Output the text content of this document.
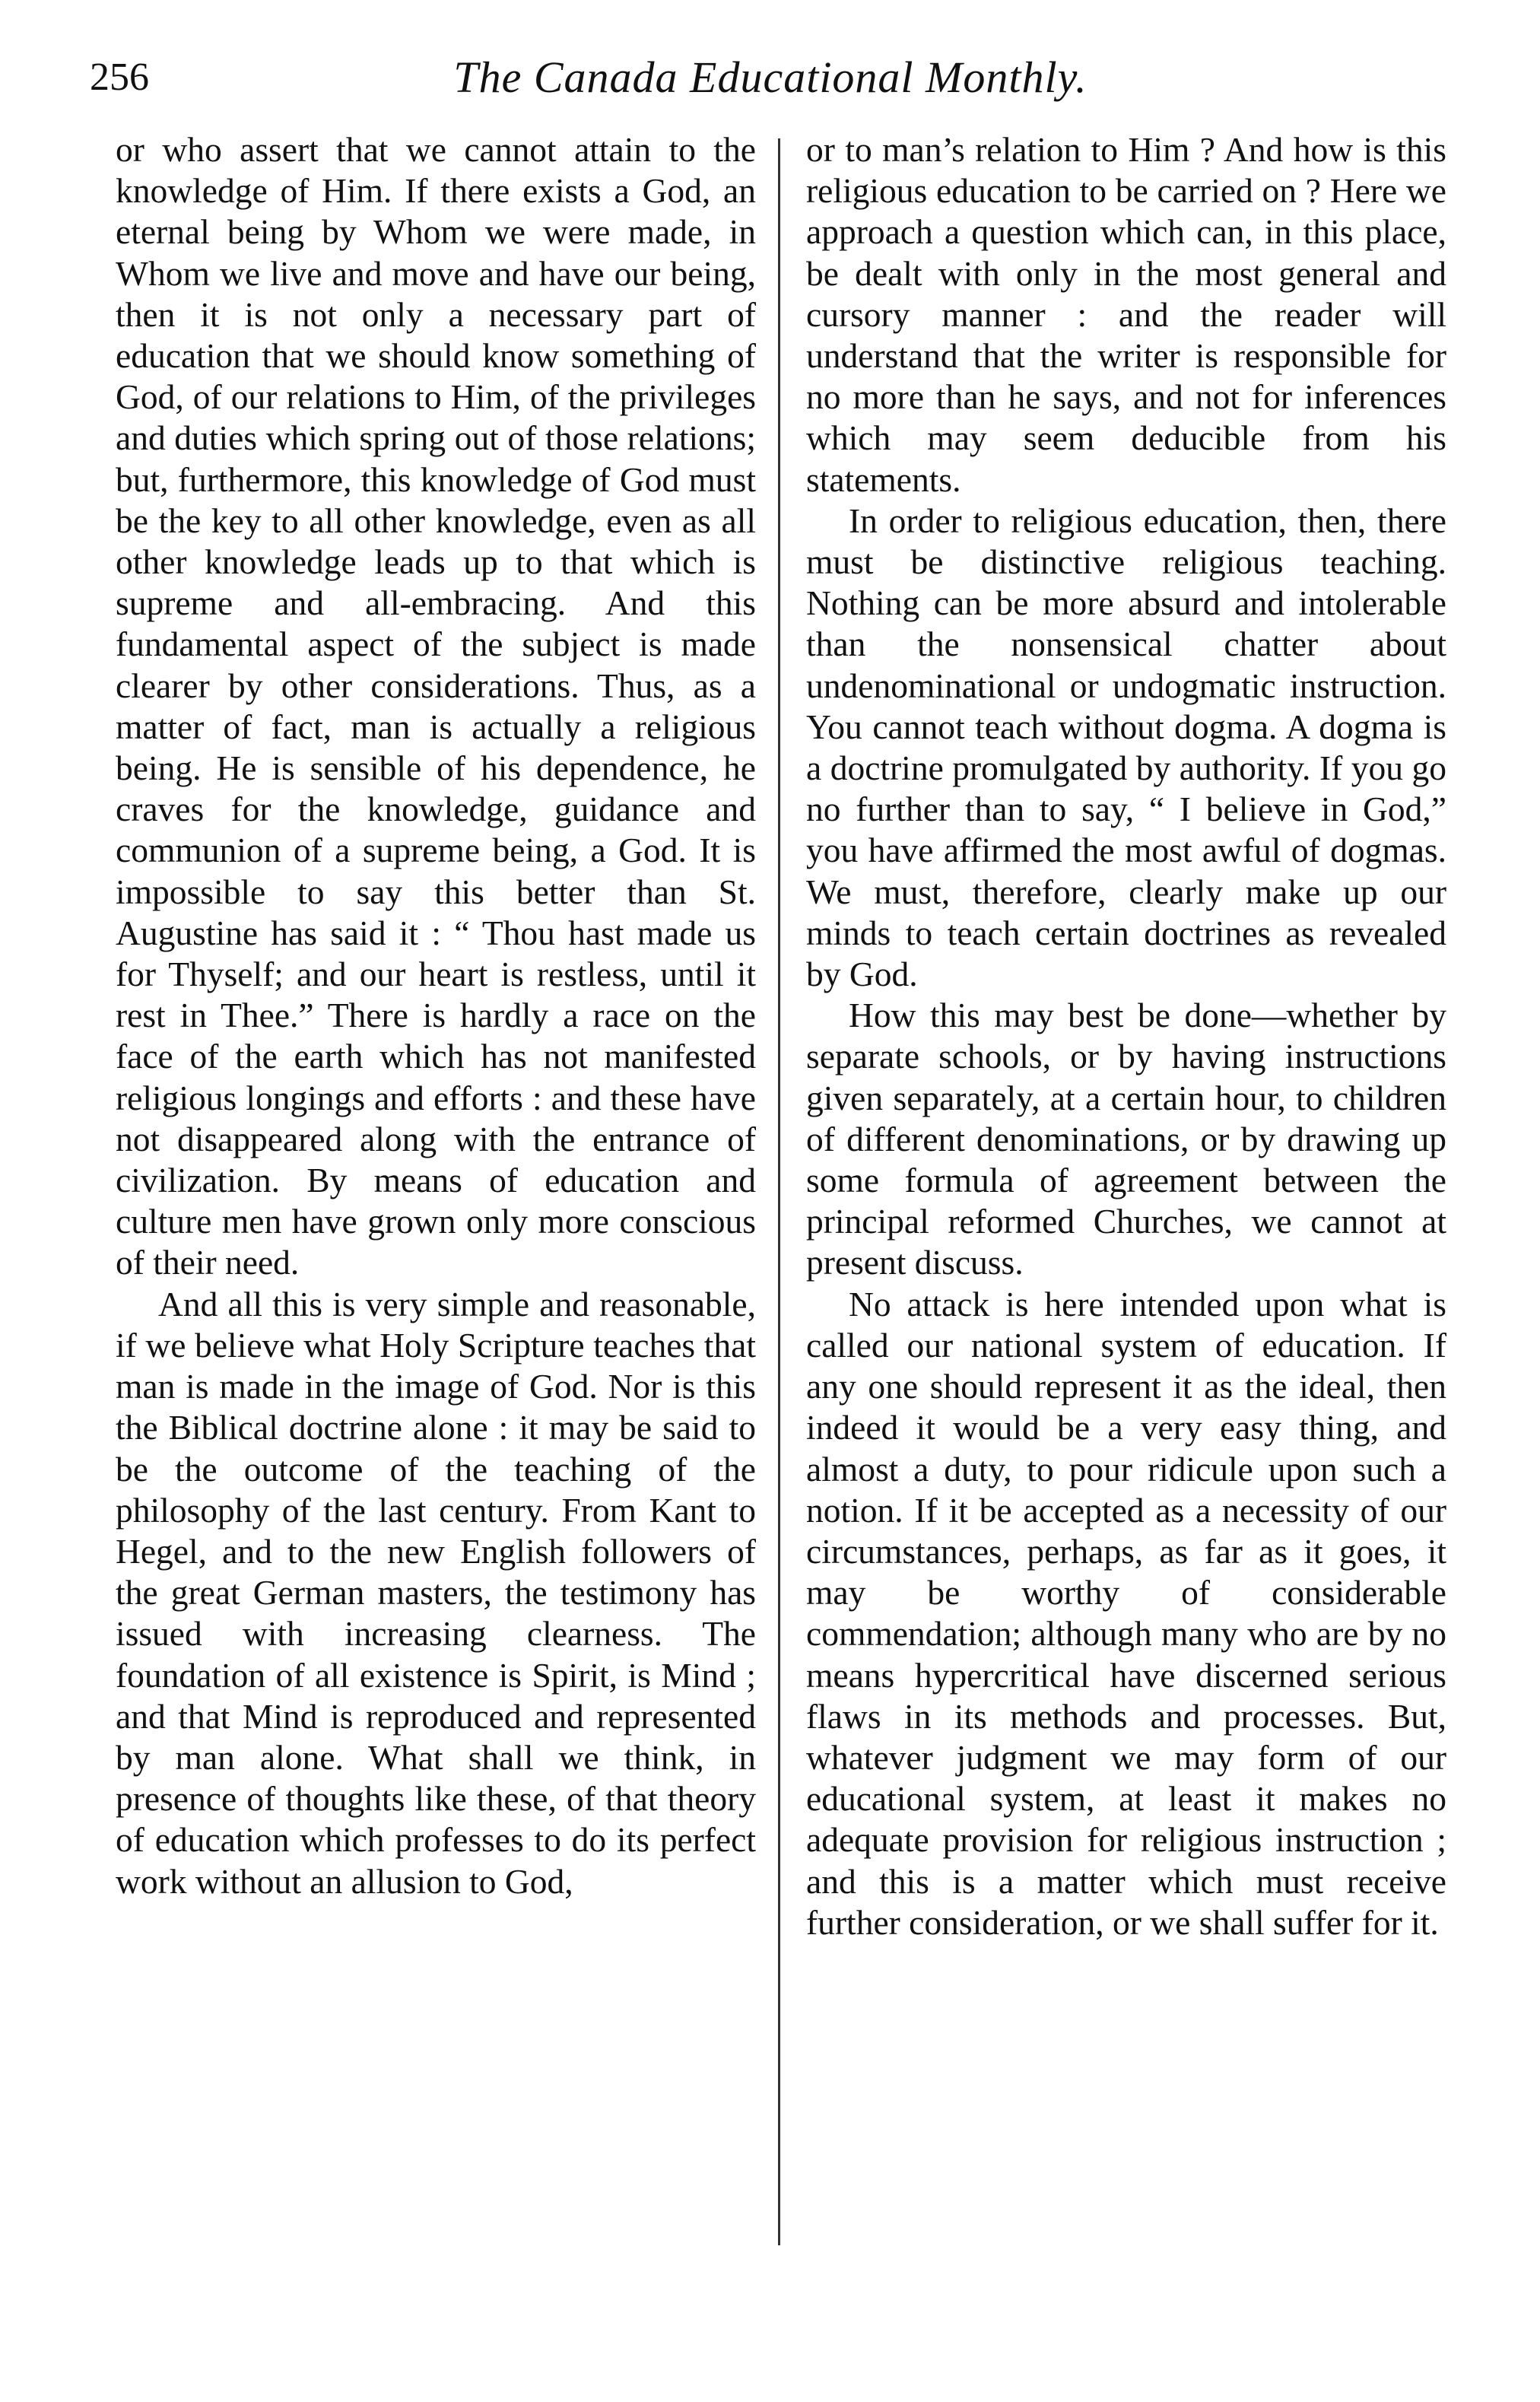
256	The Canada Educational Monthly.

or who assert that we cannot attain to the knowledge of Him. If there exists a God, an eternal being by Whom we were made, in Whom we live and move and have our being, then it is not only a necessary part of education that we should know something of God, of our relations to Him, of the privileges and duties which spring out of those relations; but, furthermore, this knowledge of God must be the key to all other knowledge, even as all other knowledge leads up to that which is supreme and all-embracing. And this fundamental aspect of the subject is made clearer by other considerations. Thus, as a matter of fact, man is actually a religious being. He is sensible of his dependence, he craves for the knowledge, guidance and communion of a supreme being, a God. It is impossible to say this better than St. Augustine has said it : “ Thou hast made us for Thyself; and our heart is restless, until it rest in Thee.” There is hardly a race on the face of the earth which has not manifested religious longings and efforts : and these have not disappeared along with the entrance of civilization. By means of education and culture men have grown only more conscious of their need.

And all this is very simple and reasonable, if we believe what Holy Scripture teaches that man is made in the image of God. Nor is this the Biblical doctrine alone : it may be said to be the outcome of the teaching of the philosophy of the last century. From Kant to Hegel, and to the new English followers of the great German masters, the testimony has issued with increasing clearness. The foundation of all existence is Spirit, is Mind ; and that Mind is reproduced and represented by man alone. What shall we think, in presence of thoughts like these, of that theory of education which professes to do its perfect work without an allusion to God,

or to man’s relation to Him ? And how is this religious education to be carried on ? Here we approach a question which can, in this place, be dealt with only in the most general and cursory manner : and the reader will understand that the writer is responsible for no more than he says, and not for inferences which may seem deducible from his statements.

In order to religious education, then, there must be distinctive religious teaching. Nothing can be more absurd and intolerable than the nonsensical chatter about undenominational or undogmatic instruction. You cannot teach without dogma. A dogma is a doctrine promulgated by authority. If you go no further than to say, “ I believe in God,” you have affirmed the most awful of dogmas. We must, therefore, clearly make up our minds to teach certain doctrines as revealed by God.

How this may best be done—whether by separate schools, or by having instructions given separately, at a certain hour, to children of different denominations, or by drawing up some formula of agreement between the principal reformed Churches, we cannot at present discuss.

No attack is here intended upon what is called our national system of education. If any one should represent it as the ideal, then indeed it would be a very easy thing, and almost a duty, to pour ridicule upon such a notion. If it be accepted as a necessity of our circumstances, perhaps, as far as it goes, it may be worthy of considerable commendation; although many who are by no means hypercritical have discerned serious flaws in its methods and processes. But, whatever judgment we may form of our educational system, at least it makes no adequate provision for religious instruction ; and this is a matter which must receive further consideration, or we shall suffer for it.
